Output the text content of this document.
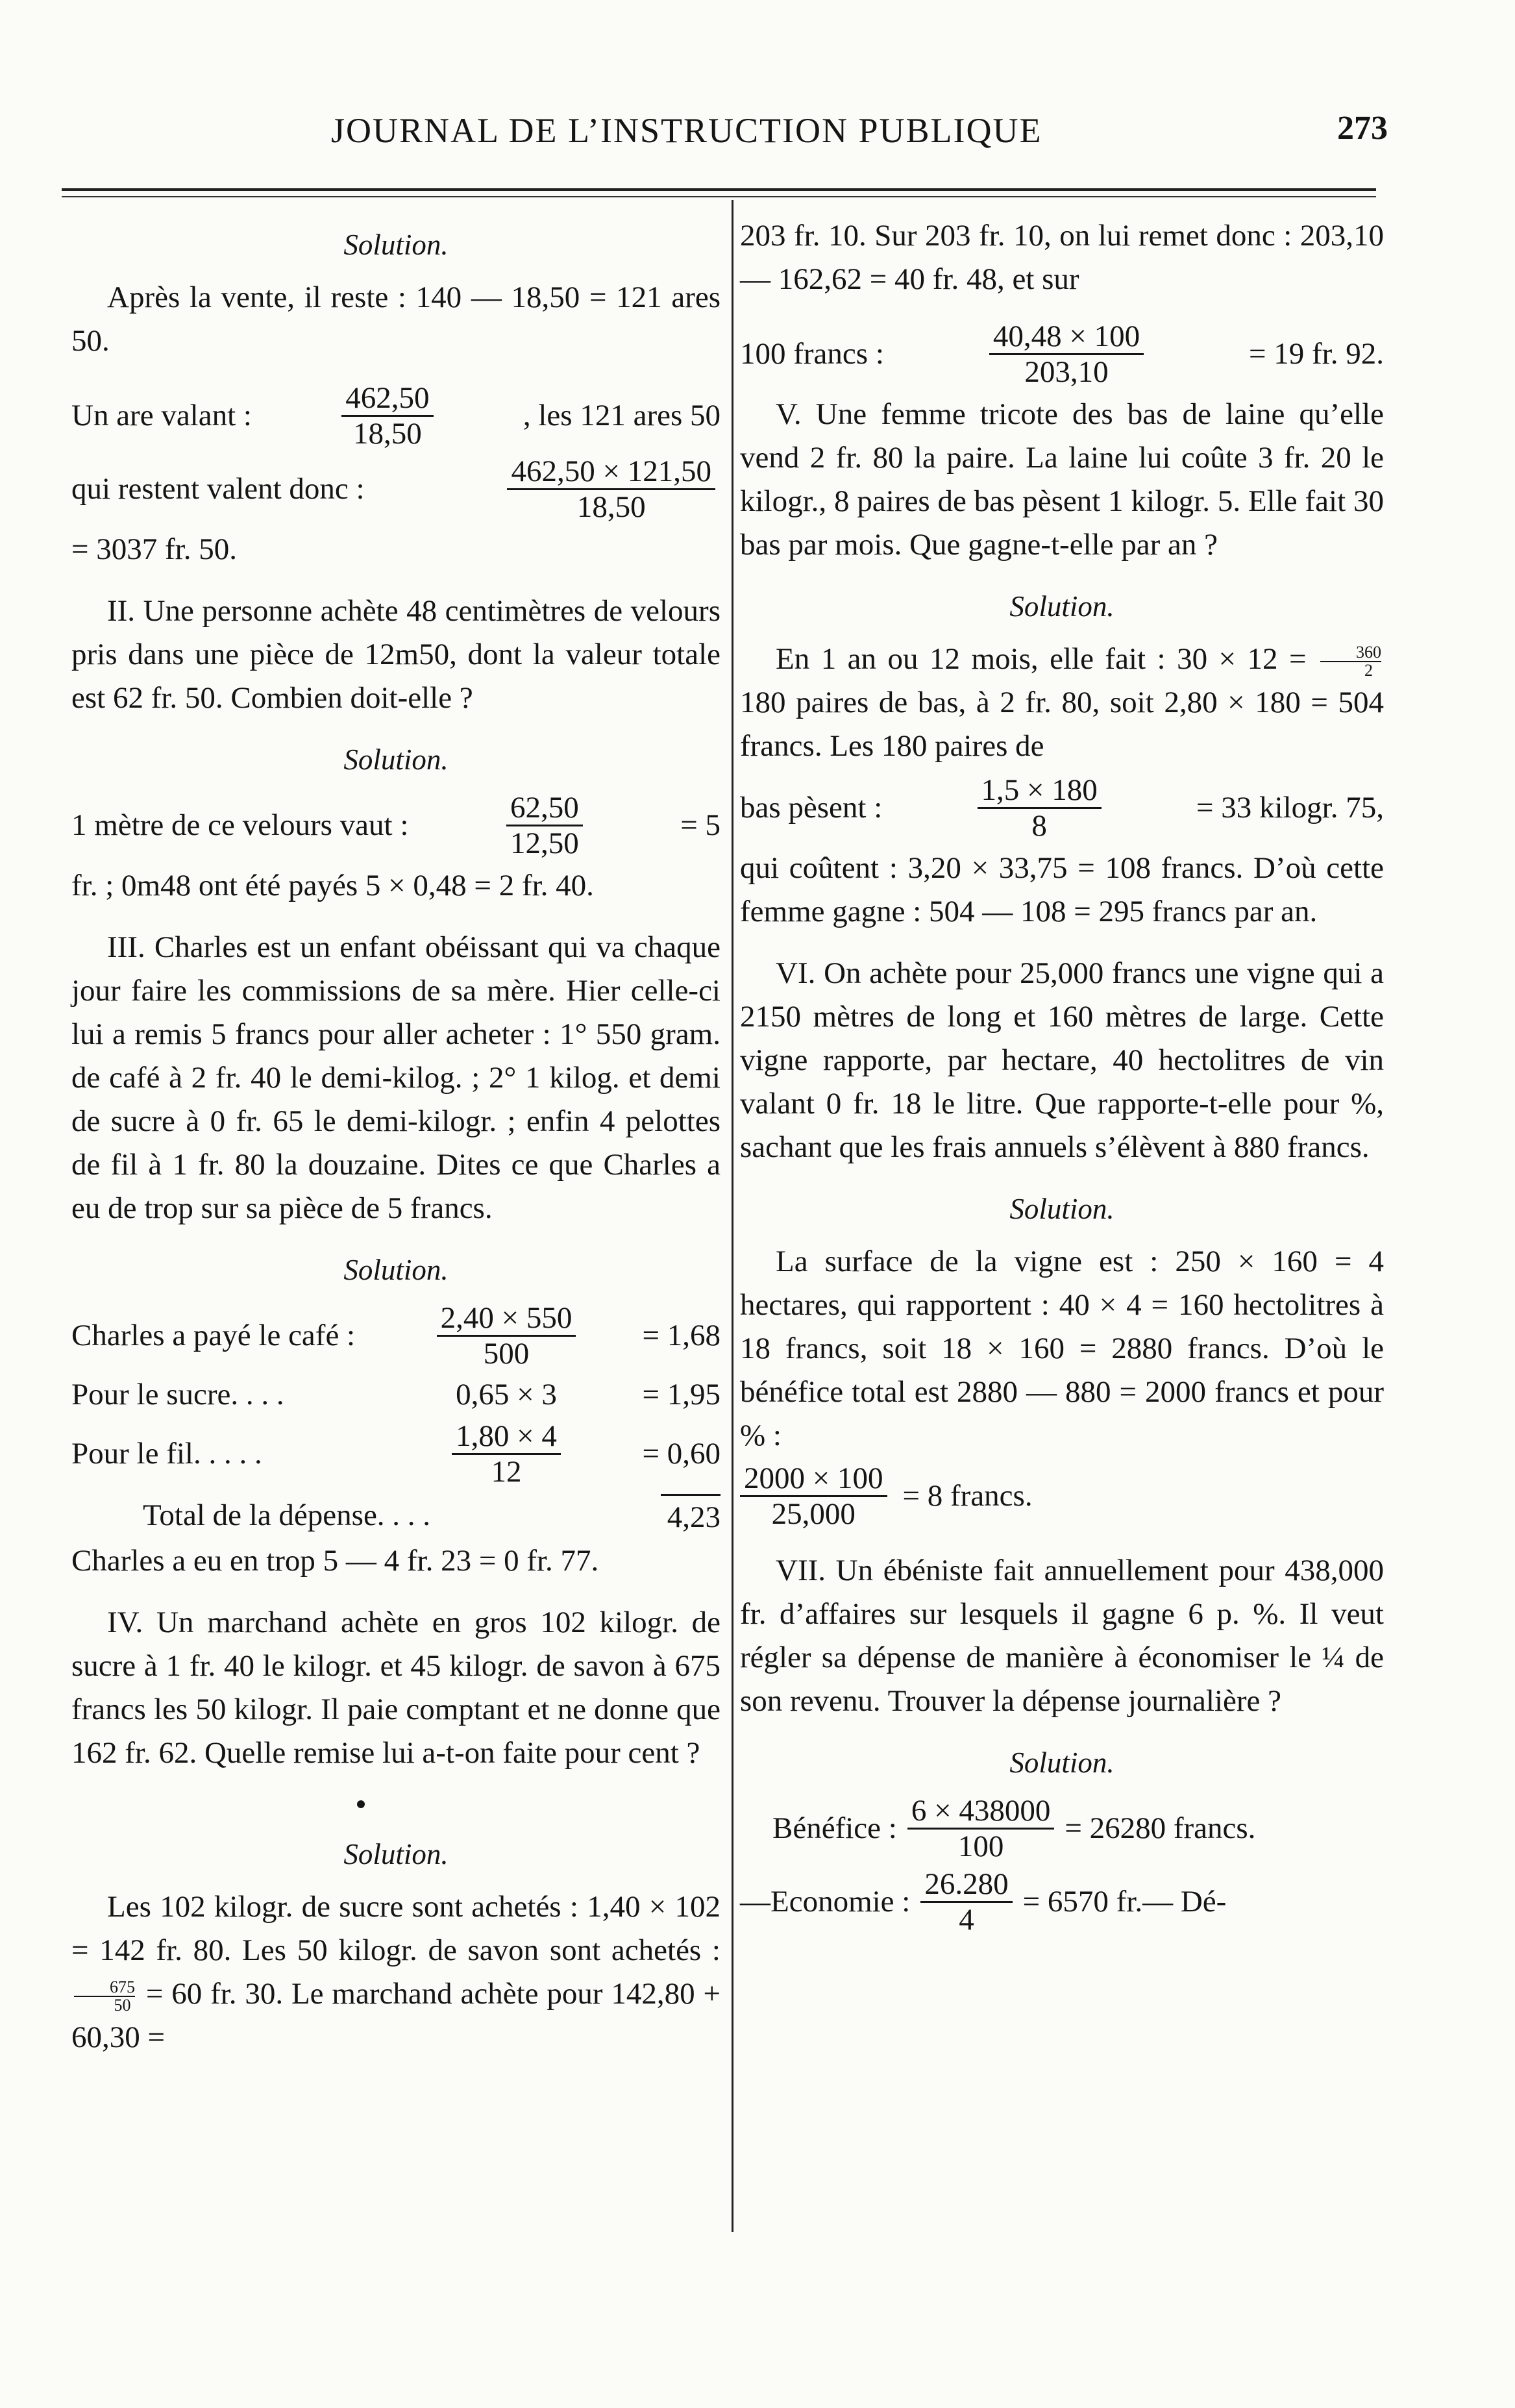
JOURNAL DE L’INSTRUCTION PUBLIQUE	273
Solution.

Après la vente, il reste : 140 — 18,50 = 121 ares 50.

Un are valant :	$\frac{462,50}{18,50}$	, les 121 ares 50
qui restent valent donc :	$\frac{462,50 \times 121,50}{18,50}$

= 3037 fr. 50.

II. Une personne achète 48 centimètres de velours pris dans une pièce de 12m50, dont la valeur totale est 62 fr. 50. Combien doit-elle ?

Solution.
1 mètre de ce velours vaut :	$\frac{62,50}{12,50}$	= 5

fr. ; 0m48 ont été payés 5 × 0,48 = 2 fr. 40.

III. Charles est un enfant obéissant qui va chaque jour faire les commissions de sa mère. Hier celle-ci lui a remis 5 francs pour aller acheter : 1° 550 gram. de café à 2 fr. 40 le demi-kilog. ; 2° 1 kilog. et demi de sucre à 0 fr. 65 le demi-kilogr. ; enfin 4 pelottes de fil à 1 fr. 80 la douzaine. Dites ce que Charles a eu de trop sur sa pièce de 5 francs.

Solution.
Charles a payé le café :	$\frac{2,40 \times 550}{500}$	= 1,68
Pour le sucre. . . .	0,65 × 3	= 1,95
Pour le fil. . . . .	$\frac{1,80 \times 4}{12}$	= 0,60
Total de la dépense. . . .	4,23

Charles a eu en trop 5 — 4 fr. 23 = 0 fr. 77.

IV. Un marchand achète en gros 102 kilogr. de sucre à 1 fr. 40 le kilogr. et 45 kilogr. de savon à 675 francs les 50 kilogr. Il paie comptant et ne donne que 162 fr. 62. Quelle remise lui a-t-on faite pour cent ?

Solution.

Les 102 kilogr. de sucre sont achetés : 1,40 × 102 = 142 fr. 80. Les 50 kilogr. de savon sont achetés :
$\frac{675}{50} = 60$ fr. 30. Le marchand achète pour 142,80 + 60,30 =

203 fr. 10. Sur 203 fr. 10, on lui remet donc : 203,10 — 162,62 = 40 fr. 48, et sur

100 francs :	$\frac{40,48 \times 100}{203,10}$	= 19 fr. 92.

V. Une femme tricote des bas de laine qu’elle vend 2 fr. 80 la paire. La laine lui coûte 3 fr. 20 le kilogr., 8 paires de bas pèsent 1 kilogr. 5. Elle fait 30 bas par mois. Que gagne-t-elle par an ?

Solution.

En 1 an ou 12 mois, elle fait : $30 \times 12 = \frac{360}{2}$
180 paires de bas, à 2 fr. 80, soit 2,80 × 180 = 504 francs. Les 180 paires de

bas pèsent :	$\frac{1,5 \times 180}{8}$	= 33 kilogr. 75,

qui coûtent : 3,20 × 33,75 = 108 francs. D’où cette femme gagne : 504 — 108 = 295 francs par an.

VI. On achète pour 25,000 francs une vigne qui a 2150 mètres de long et 160 mètres de large. Cette vigne rapporte, par hectare, 40 hectolitres de vin valant 0 fr. 18 le litre. Que rapporte-t-elle pour %, sachant que les frais annuels s’élèvent à 880 francs.

Solution.

La surface de la vigne est : 250 × 160 = 4 hectares, qui rapportent : 40 × 4 = 160 hectolitres à 18 francs, soit 18 × 160 = 2880 francs. D’où le bénéfice total est 2880 — 880 = 2000 francs et pour % :

$\frac{2000 \times 100}{25,000} = 8$ francs.

VII. Un ébéniste fait annuellement pour 438,000 fr. d’affaires sur lesquels il gagne 6 p. %. Il veut régler sa dépense de manière à économiser le ¼ de son revenu. Trouver la dépense journalière ?

Solution.
Bénéfice : $\frac{6 \times 438000}{100} = 26280$ francs.
—Economie : $\frac{26.280}{4} = 6570$ fr.— Dé-
